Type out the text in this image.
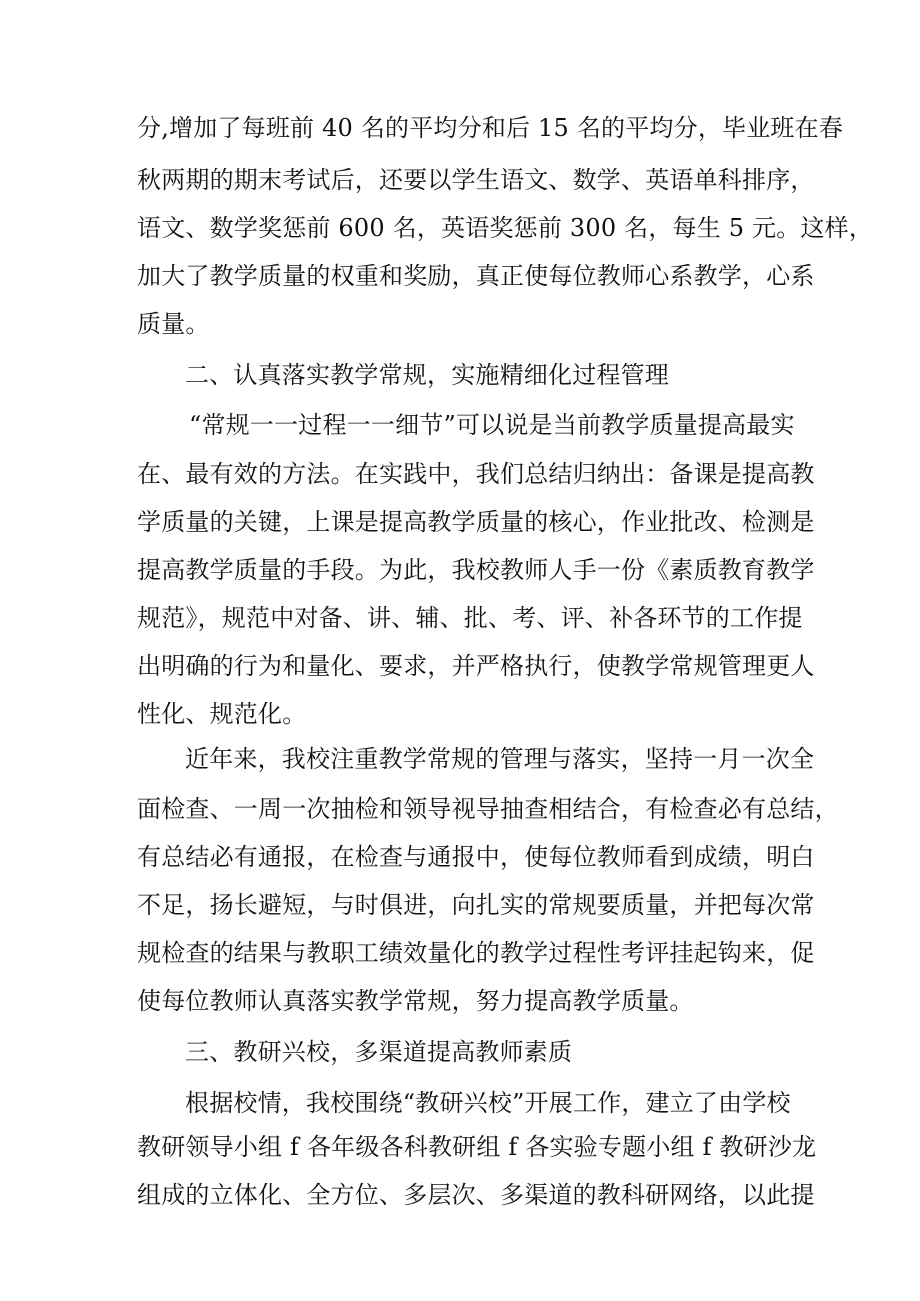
分,增加了每班前 40 名的平均分和后 15 名的平均分，毕业班在春
秋两期的期末考试后，还要以学生语文、数学、英语单科排序，
语文、数学奖惩前 600 名，英语奖惩前 300 名，每生 5 元。这样，
加大了教学质量的权重和奖励，真正使每位教师心系教学，心系
质量。
二、认真落实教学常规，实施精细化过程管理
“常规一一过程一一细节”可以说是当前教学质量提高最实
在、最有效的方法。在实践中，我们总结归纳出：备课是提高教
学质量的关键，上课是提高教学质量的核心，作业批改、检测是
提高教学质量的手段。为此，我校教师人手一份《素质教育教学
规范》，规范中对备、讲、辅、批、考、评、补各环节的工作提
出明确的行为和量化、要求，并严格执行，使教学常规管理更人
性化、规范化。
近年来，我校注重教学常规的管理与落实，坚持一月一次全
面检查、一周一次抽检和领导视导抽查相结合，有检查必有总结，
有总结必有通报，在检查与通报中，使每位教师看到成绩，明白
不足，扬长避短，与时俱进，向扎实的常规要质量，并把每次常
规检查的结果与教职工绩效量化的教学过程性考评挂起钩来，促
使每位教师认真落实教学常规，努力提高教学质量。
三、教研兴校，多渠道提高教师素质
根据校情，我校围绕“教研兴校”开展工作，建立了由学校
教研领导小组 f 各年级各科教研组 f 各实验专题小组 f 教研沙龙
组成的立体化、全方位、多层次、多渠道的教科研网络，以此提
